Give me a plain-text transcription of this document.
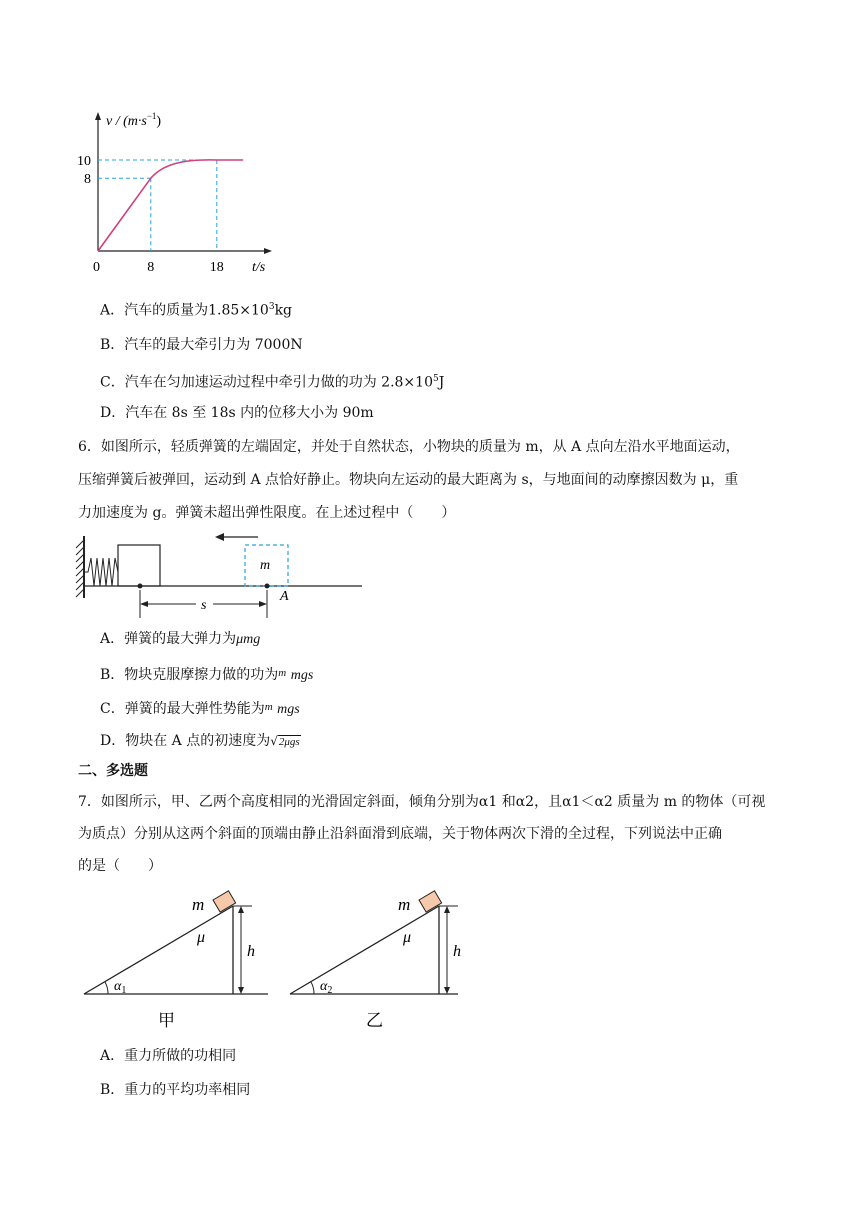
$v / (m\cdot s^{-1})$
0	8	18 t/s
8
10
A．汽车的质量为$1.85\times 10^3kg$
B．汽车的最大牵引力为 7000N
C．汽车在匀加速运动过程中牵引力做的功为 $2.8\times 10^5J$
D．汽车在 8s 至 18s 内的位移大小为 90m
6．如图所示，轻质弹簧的左端固定，并处于自然状态，小物块的质量为 m，从 A 点向左沿水平地面运动，
压缩弹簧后被弹回，运动到 A 点恰好静止。物块向左运动的最大距离为 s，与地面间的动摩擦因数为 μ，重
力加速度为 g。弹簧未超出弹性限度。在上述过程中（　　）
m
A
s
A．弹簧的最大弹力为μmg
B．物块克服摩擦力做的功为$^m$ mgs
C．弹簧的最大弹性势能为$^m$ mgs
D．物块在 A 点的初速度为√2μgs
二、多选题
7．如图所示，甲、乙两个高度相同的光滑固定斜面，倾角分别为α1 和α2，且α1＜α2 质量为 m 的物体（可视
为质点）分别从这两个斜面的顶端由静止沿斜面滑到底端，关于物体两次下滑的全过程，下列说法中正确
的是（　　）
m
μ
h
$\alpha_1$
甲
m
μ
h
$\alpha_2$
乙
A．重力所做的功相同
B．重力的平均功率相同
